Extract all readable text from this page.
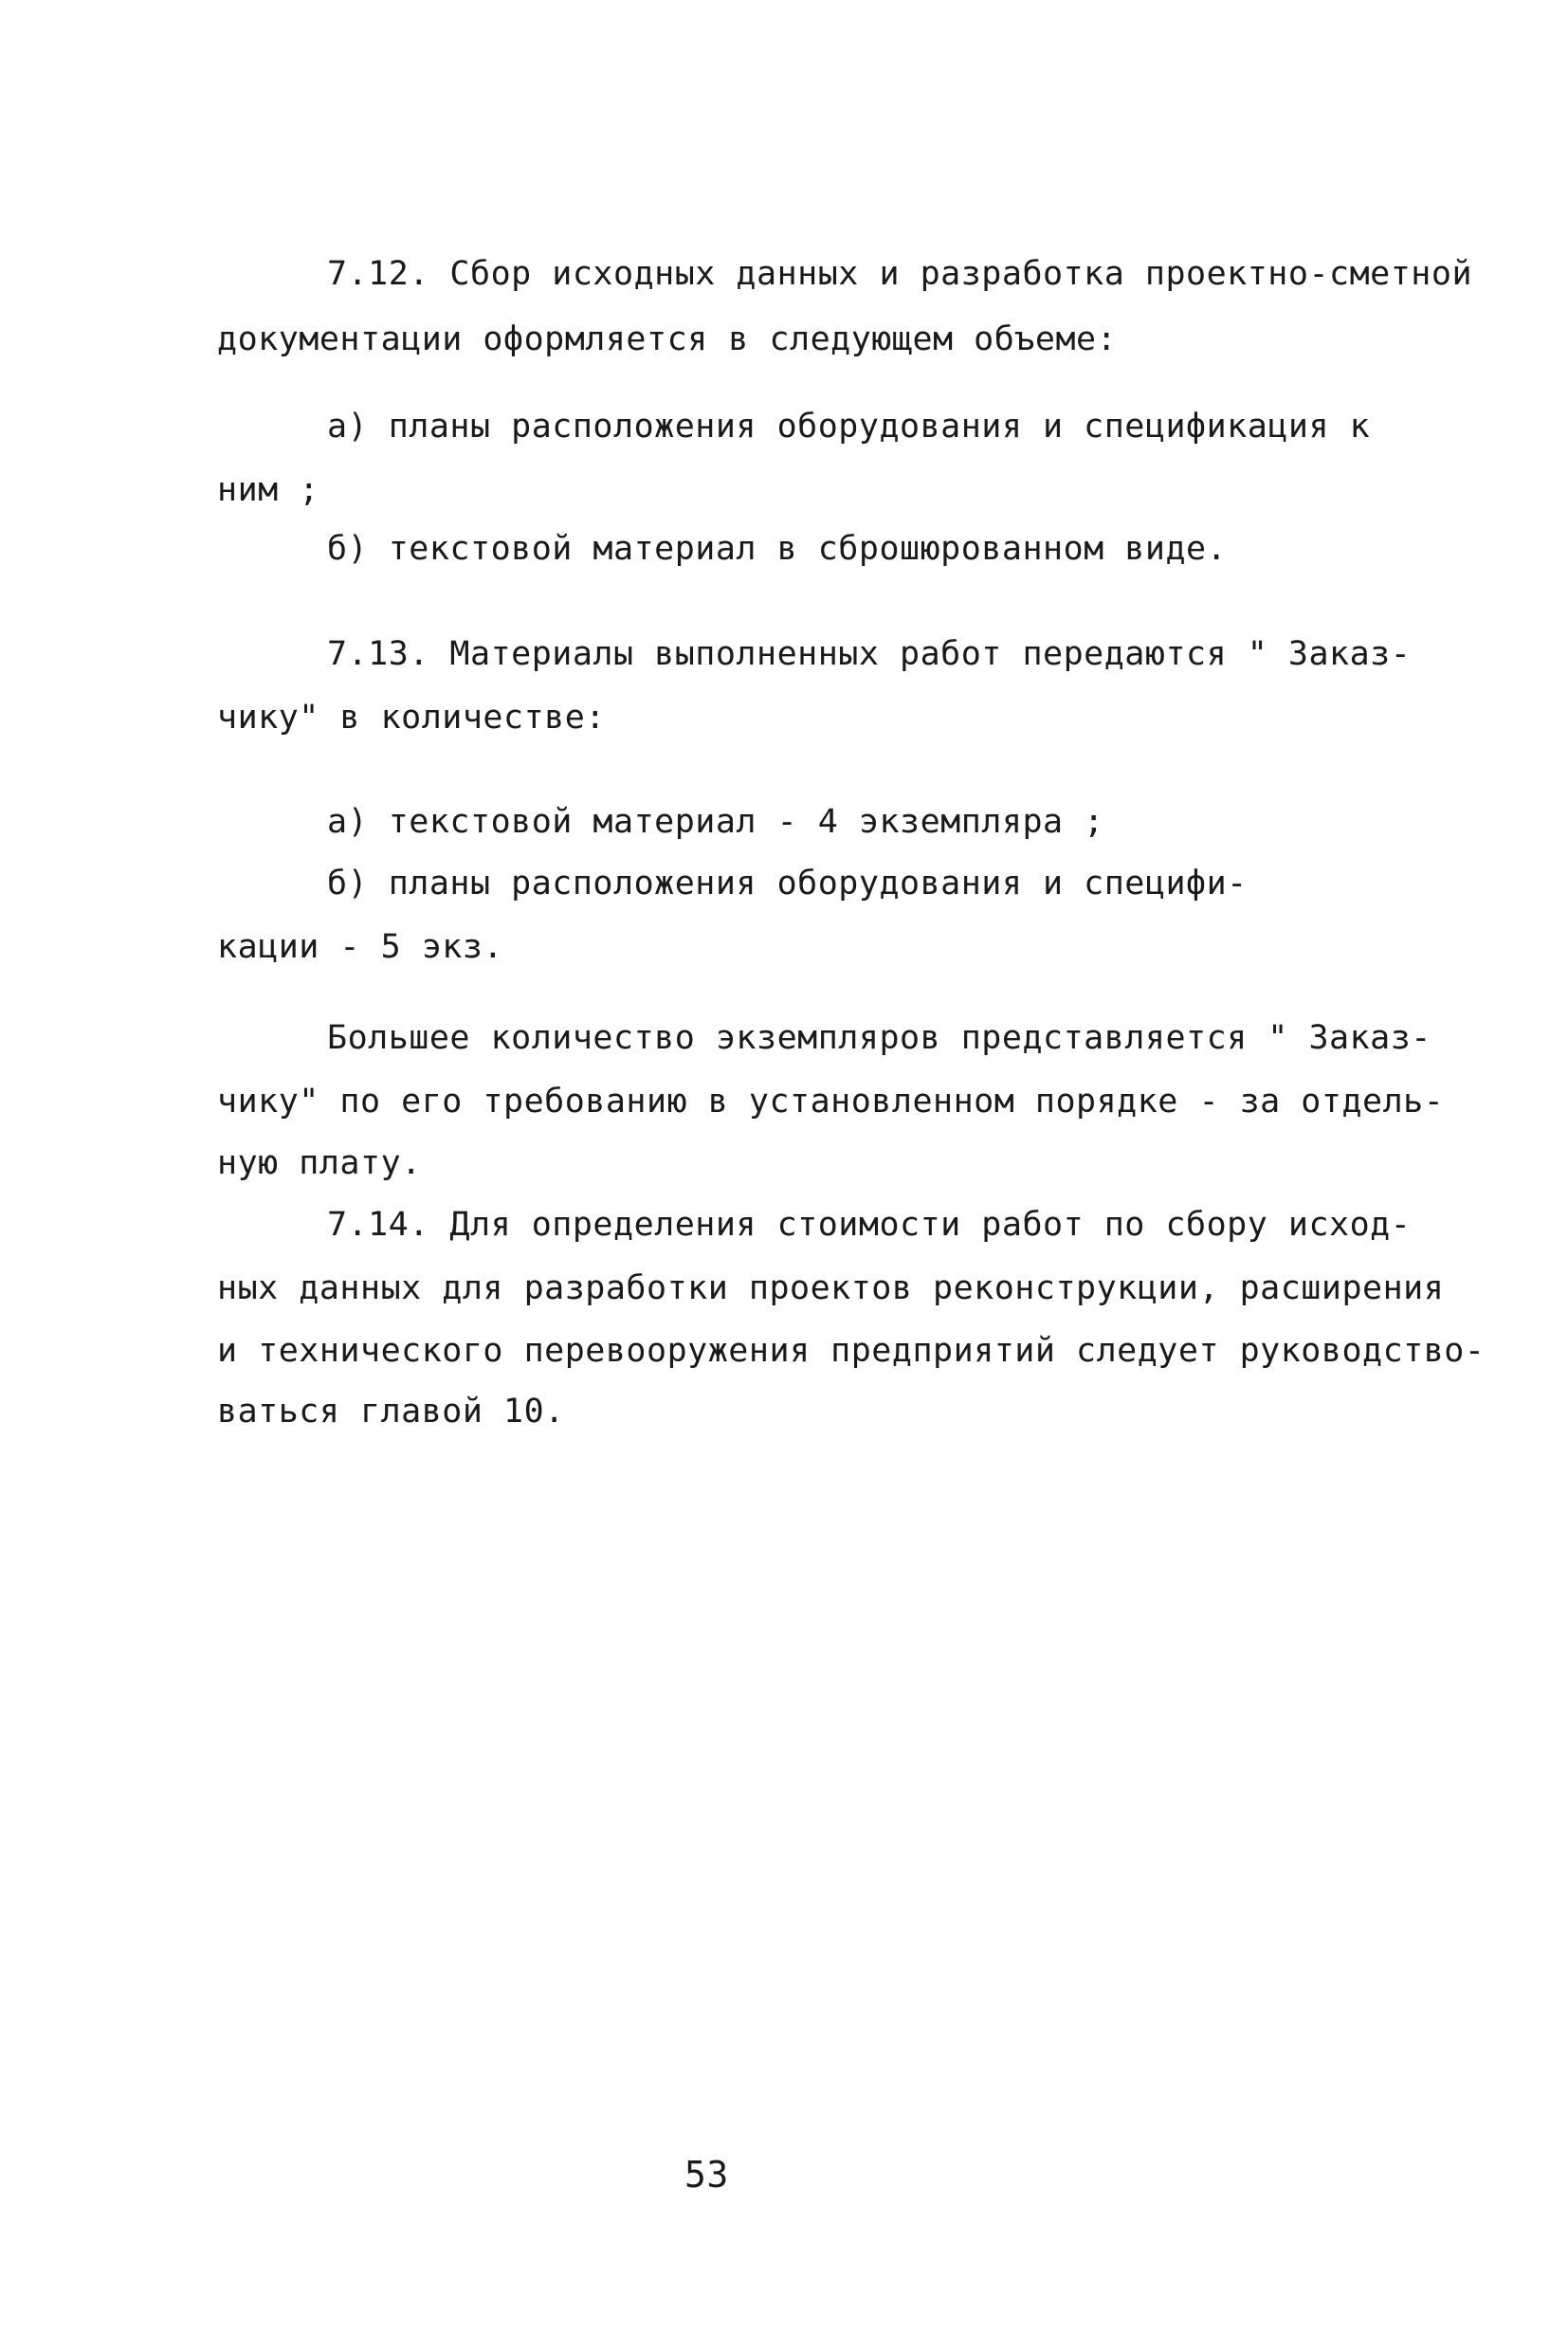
7.12. Сбор исходных данных и разработка проектно-сметной
документации оформляется в следующем объеме:
а) планы расположения оборудования и спецификация к
ним ;
б) текстовой материал в сброшюрованном виде.
7.13. Материалы выполненных работ передаются " Заказ-
чику" в количестве:
а) текстовой материал - 4 экземпляра ;
б) планы расположения оборудования и специфи-
кации - 5 экз.
Большее количество экземпляров представляется " Заказ-
чику" по его требованию в установленном порядке - за отдель-
ную плату.
7.14. Для определения стоимости работ по сбору исход-
ных данных для разработки проектов реконструкции, расширения
и технического перевооружения предприятий следует руководство-
ваться главой 10.
53
